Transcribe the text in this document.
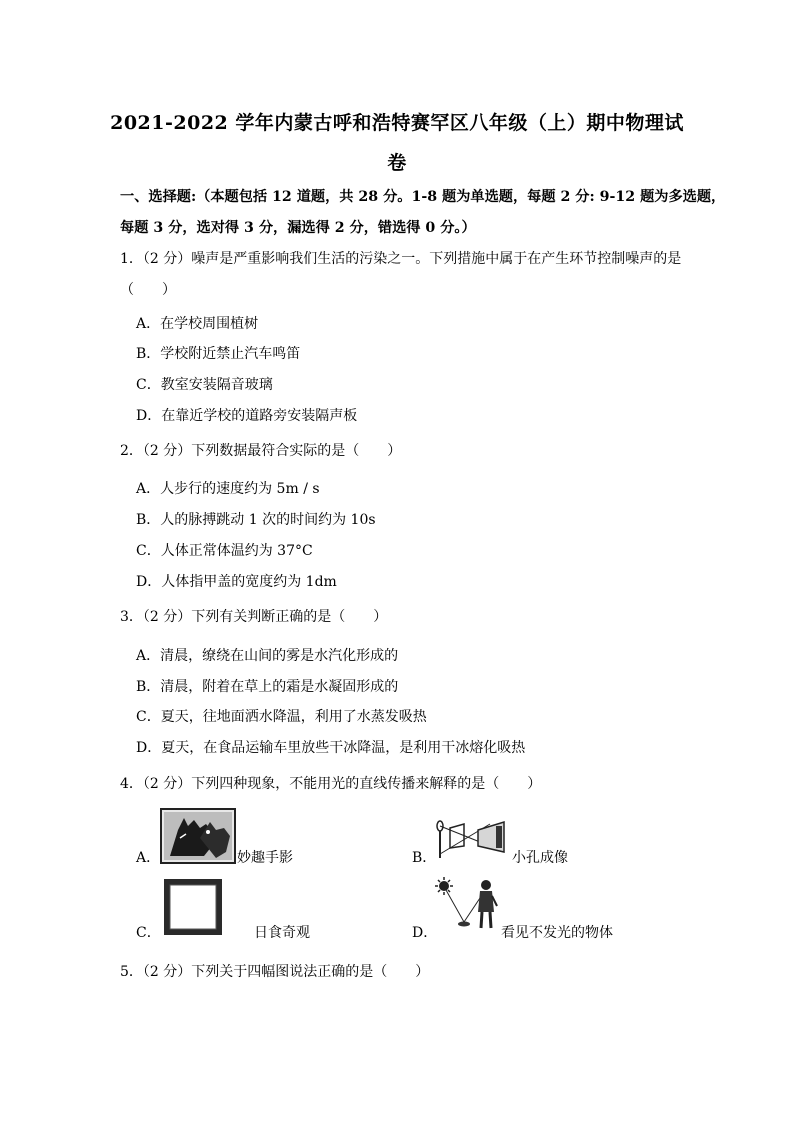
2021-2022 学年内蒙古呼和浩特赛罕区八年级（上）期中物理试
卷
一、选择题:（本题包括 12 道题，共 28 分。1-8 题为单选题，每题 2 分: 9-12 题为多选题，
每题 3 分，选对得 3 分，漏选得 2 分，错选得 0 分。）
1．（2 分）噪声是严重影响我们生活的污染之一。下列措施中属于在产生环节控制噪声的是
（　　）
A．在学校周围植树
B．学校附近禁止汽车鸣笛
C．教室安装隔音玻璃
D．在靠近学校的道路旁安装隔声板
2．（2 分）下列数据最符合实际的是（　　）
A．人步行的速度约为 5m / s
B．人的脉搏跳动 1 次的时间约为 10s
C．人体正常体温约为 37°C
D．人体指甲盖的宽度约为 1dm
3．（2 分）下列有关判断正确的是（　　）
A．清晨，缭绕在山间的雾是水汽化形成的
B．清晨，附着在草上的霜是水凝固形成的
C．夏天，往地面洒水降温，利用了水蒸发吸热
D．夏天，在食品运输车里放些干冰降温，是利用干冰熔化吸热
4．（2 分）下列四种现象，不能用光的直线传播来解释的是（　　）
A．	妙趣手影	B．	小孔成像
C．	日食奇观	D．	看见不发光的物体
5．（2 分）下列关于四幅图说法正确的是（　　）
